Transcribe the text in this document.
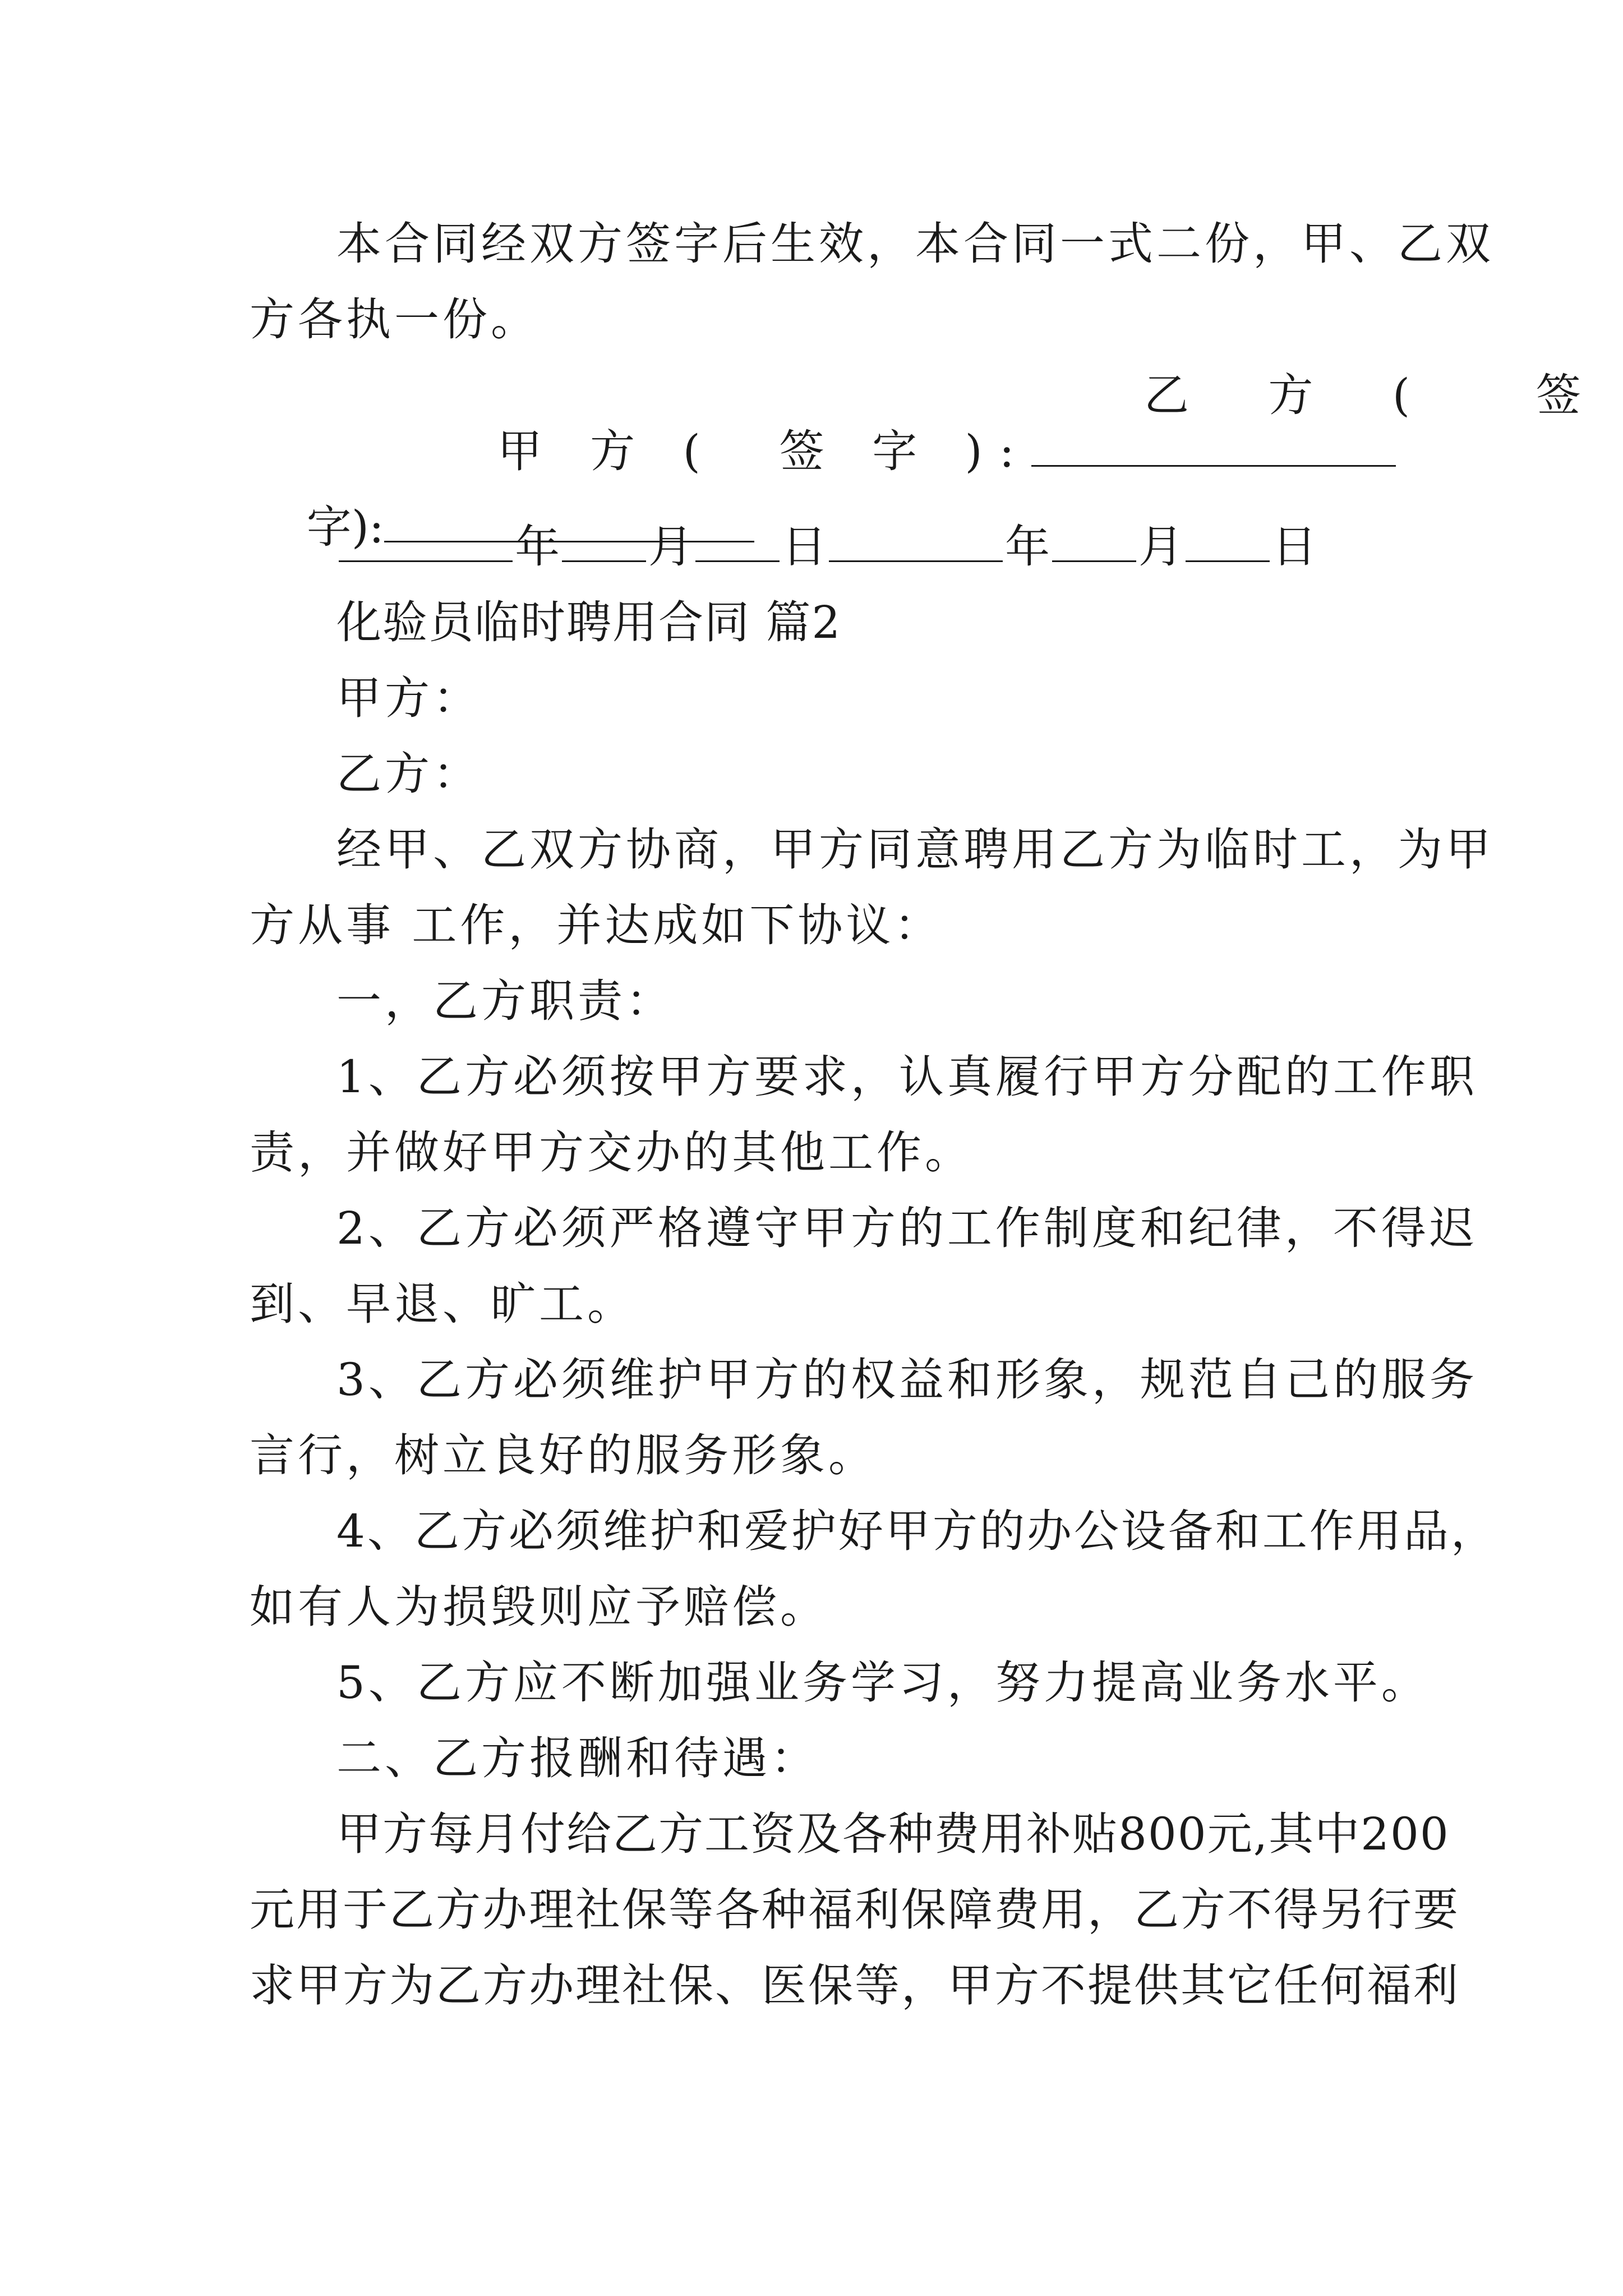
本合同经双方签字后生效，本合同一式二份，甲、乙双
方各执一份。

甲 方 (  签 字 ):

乙 方 (  签

字):
	年 月 日	年 月 日
化验员临时聘用合同 篇2
甲方：
乙方：
经甲、乙双方协商，甲方同意聘用乙方为临时工，为甲
方从事 工作，并达成如下协议：
一，乙方职责：
1、乙方必须按甲方要求，认真履行甲方分配的工作职
责，并做好甲方交办的其他工作。
2、乙方必须严格遵守甲方的工作制度和纪律，不得迟
到、早退、旷工。
3、乙方必须维护甲方的权益和形象，规范自己的服务
言行，树立良好的服务形象。
4、乙方必须维护和爱护好甲方的办公设备和工作用品，
如有人为损毁则应予赔偿。
5、乙方应不断加强业务学习，努力提高业务水平。
二、乙方报酬和待遇：
甲方每月付给乙方工资及各种费用补贴800元,其中200
元用于乙方办理社保等各种福利保障费用，乙方不得另行要
求甲方为乙方办理社保、医保等，甲方不提供其它任何福利
